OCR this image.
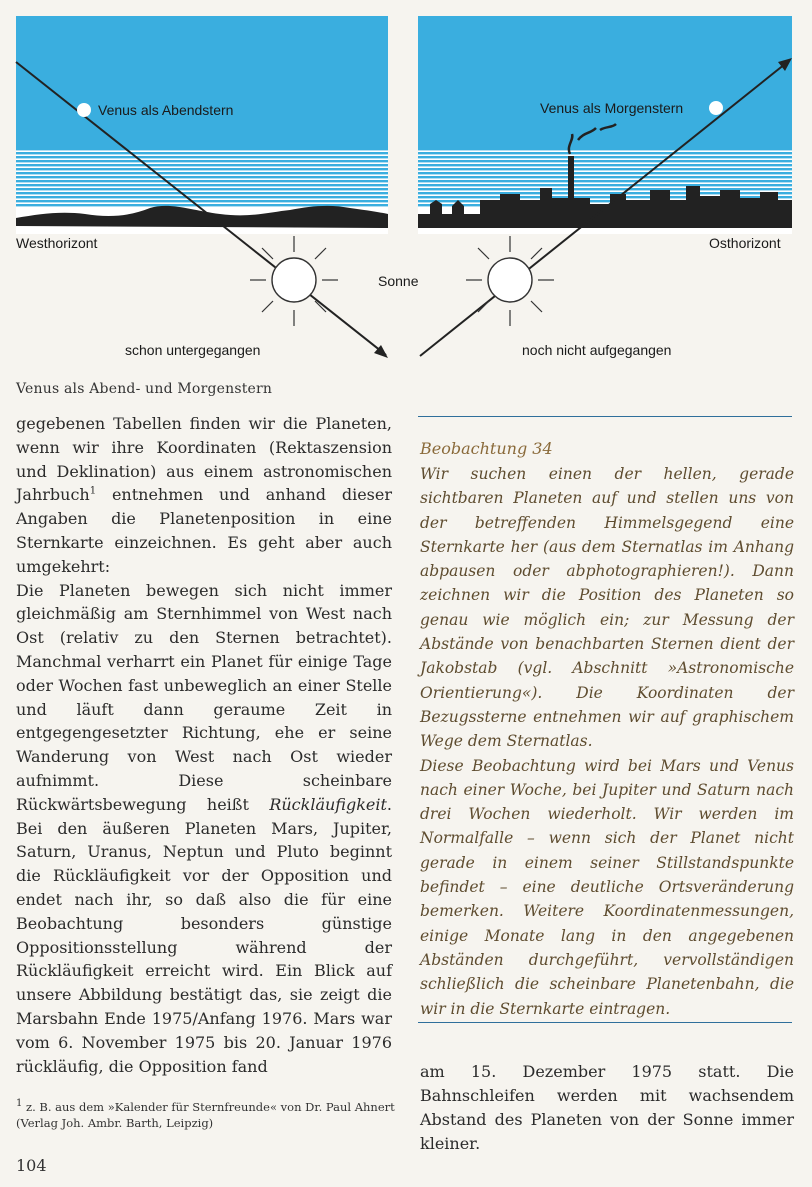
Venus als Abendstern	Venus als Morgenstern
Westhorizont	Osthorizont
Sonne
schon untergegangen	noch nicht aufgegangen
Venus als Abend- und Morgenstern

gegebenen Tabellen finden wir die Planeten, wenn wir ihre Koordinaten (Rektaszension und Deklination) aus einem astronomischen Jahrbuch$^1$ entnehmen und anhand dieser Angaben die Planetenposition in eine Sternkarte einzeichnen. Es geht aber auch umgekehrt:

Die Planeten bewegen sich nicht immer gleichmäßig am Sternhimmel von West nach Ost (relativ zu den Sternen betrachtet). Manchmal verharrt ein Planet für einige Tage oder Wochen fast unbeweglich an einer Stelle und läuft dann geraume Zeit in entgegengesetzter Richtung, ehe er seine Wanderung von West nach Ost wieder aufnimmt. Diese scheinbare Rückwärtsbewegung heißt Rückläufigkeit. Bei den äußeren Planeten Mars, Jupiter, Saturn, Uranus, Neptun und Pluto beginnt die Rückläufigkeit vor der Opposition und endet nach ihr, so daß also die für eine Beobachtung besonders günstige Oppositionsstellung während der Rückläufigkeit erreicht wird. Ein Blick auf unsere Abbildung bestätigt das, sie zeigt die Marsbahn Ende 1975/Anfang 1976. Mars war vom 6. November 1975 bis 20. Januar 1976 rückläufig, die Opposition fand

Beobachtung 34

Wir suchen einen der hellen, gerade sichtbaren Planeten auf und stellen uns von der betreffenden Himmelsgegend eine Sternkarte her (aus dem Sternatlas im Anhang abpausen oder abphotographieren!). Dann zeichnen wir die Position des Planeten so genau wie möglich ein; zur Messung der Abstände von benachbarten Sternen dient der Jakobstab (vgl. Abschnitt »Astronomische Orientierung«). Die Koordinaten der Bezugssterne entnehmen wir auf graphischem Wege dem Sternatlas.

Diese Beobachtung wird bei Mars und Venus nach einer Woche, bei Jupiter und Saturn nach drei Wochen wiederholt. Wir werden im Normalfalle – wenn sich der Planet nicht gerade in einem seiner Stillstandspunkte befindet – eine deutliche Ortsveränderung bemerken. Weitere Koordinatenmessungen, einige Monate lang in den angegebenen Abständen durchgeführt, vervollständigen schließlich die scheinbare Planetenbahn, die wir in die Sternkarte eintragen.

am 15. Dezember 1975 statt. Die Bahnschleifen werden mit wachsendem Abstand des Planeten von der Sonne immer kleiner.

$^1$ z. B. aus dem »Kalender für Sternfreunde« von Dr. Paul Ahnert (Verlag Joh. Ambr. Barth, Leipzig)
104
